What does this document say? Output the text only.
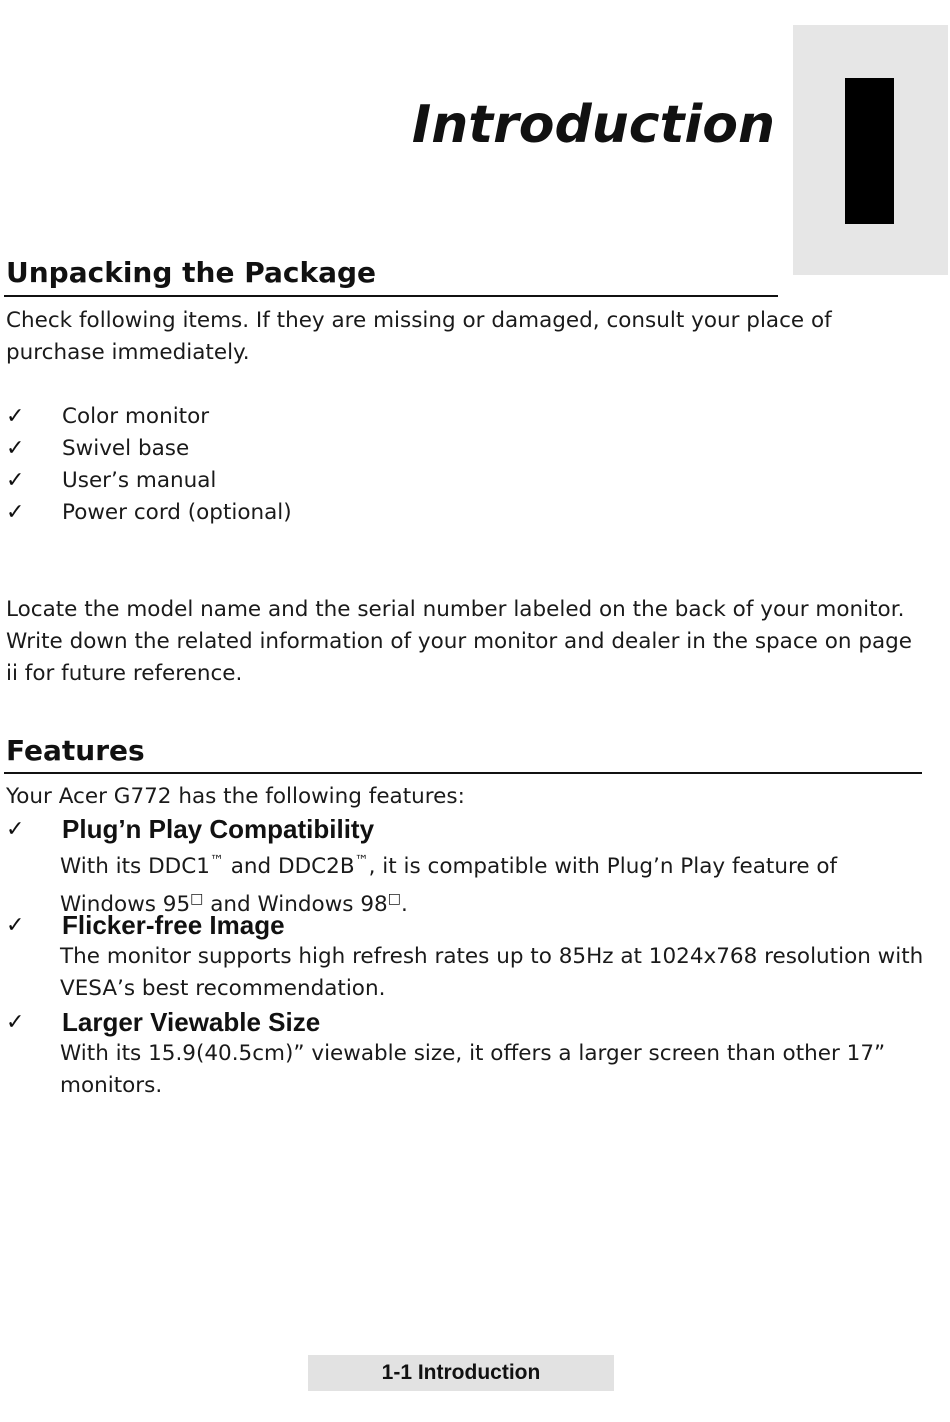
Introduction
Unpacking the Package

Check following items. If they are missing or damaged, consult your place of purchase immediately.

✓	Color monitor
✓	Swivel base
✓	User’s manual
✓	Power cord (optional)

Locate the model name and the serial number labeled on the back of your monitor. Write down the related information of your monitor and dealer in the space on page ii for future reference.

Features

Your Acer G772 has the following features:

✓	Plug’n Play Compatibility

With its DDC1™ and DDC2B™, it is compatible with Plug’n Play feature of Windows 95□ and Windows 98□.

✓	Flicker-free Image

The monitor supports high refresh rates up to 85Hz at 1024x768 resolution with VESA’s best recommendation.

✓	Larger Viewable Size

With its 15.9(40.5cm)” viewable size, it offers a larger screen than other 17” monitors.

1-1 Introduction
